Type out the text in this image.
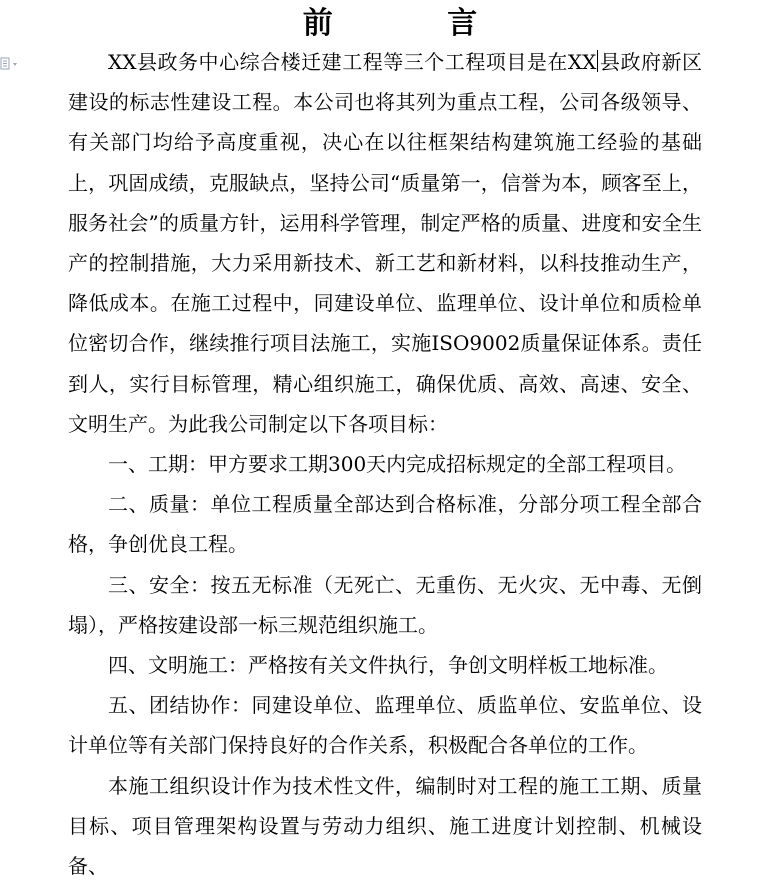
前 言

XX县政务中心综合楼迁建工程等三个工程项目是在XX 县政府新区建设的标志性建设工程。本公司也将其列为重点工程，公司各级领导、有关部门均给予高度重视，决心在以往框架结构建筑施工经验的基础上，巩固成绩，克服缺点，坚持公司“质量第一，信誉为本，顾客至上，服务社会”的质量方针，运用科学管理，制定严格的质量、进度和安全生产的控制措施，大力采用新技术、新工艺和新材料，以科技推动生产，降低成本。在施工过程中，同建设单位、监理单位、设计单位和质检单位密切合作，继续推行项目法施工，实施ISO9002质量保证体系。责任到人，实行目标管理，精心组织施工，确保优质、高效、高速、安全、文明生产。为此我公司制定以下各项目标：

一、工期：甲方要求工期300天内完成招标规定的全部工程项目。

二、质量：单位工程质量全部达到合格标准，分部分项工程全部合格，争创优良工程。

三、安全：按五无标准（无死亡、无重伤、无火灾、无中毒、无倒塌），严格按建设部一标三规范组织施工。

四、文明施工：严格按有关文件执行，争创文明样板工地标准。

五、团结协作：同建设单位、监理单位、质监单位、安监单位、设计单位等有关部门保持良好的合作关系，积极配合各单位的工作。

本施工组织设计作为技术性文件，编制时对工程的施工工期、质量目标、项目管理架构设置与劳动力组织、施工进度计划控制、机械设备、
